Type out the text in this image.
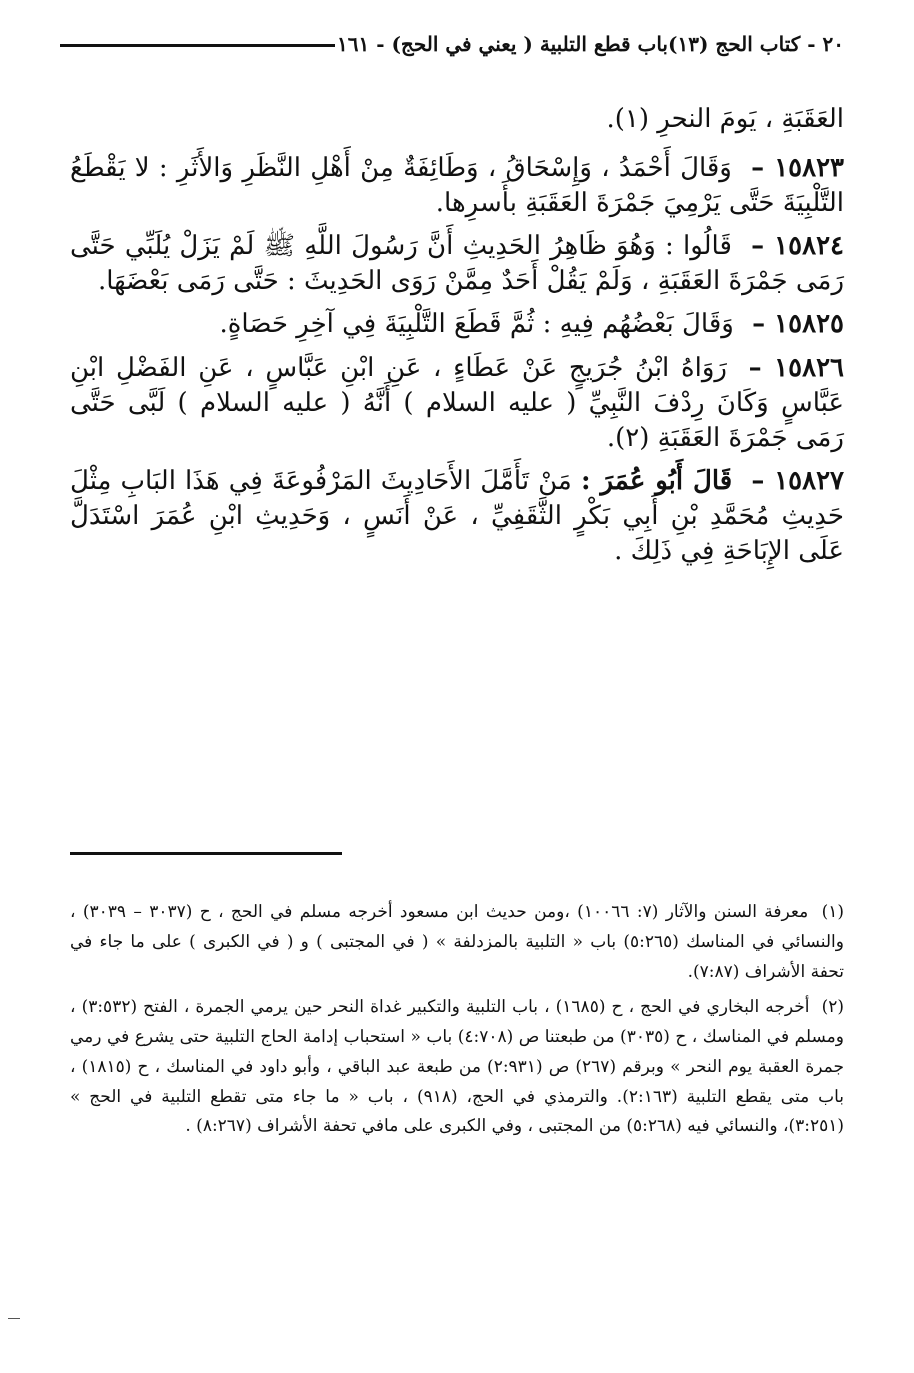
٢٠ - كتاب الحج (١٣)باب قطع التلبية ( يعني في الحج) - ١٦١

العَقَبَةِ ، يَومَ النحرِ (١).

١٥٨٢٣ – وَقَالَ أَحْمَدُ ، وَإِسْحَاقُ ، وَطَائِفَةٌ مِنْ أَهْلِ النَّظَرِ وَالأَثَرِ : لا يَقْطَعُ التَّلْبِيَةَ حَتَّى يَرْمِيَ جَمْرَةَ العَقَبَةِ بأَسرِها.

١٥٨٢٤ – قَالُوا : وَهُوَ ظَاهِرُ الحَدِيثِ أَنَّ رَسُولَ اللَّهِ ﷺ لَمْ يَزَلْ يُلَبِّي حَتَّى رَمَى جَمْرَةَ العَقَبَةِ ، وَلَمْ يَقُلْ أَحَدٌ مِمَّنْ رَوَى الحَدِيثَ : حَتَّى رَمَى بَعْضَهَا.

١٥٨٢٥ – وَقَالَ بَعْضُهُم فِيهِ : ثُمَّ قَطَعَ التَّلْبِيَةَ فِي آخِرِ حَصَاةٍ.

١٥٨٢٦ – رَوَاهُ ابْنُ جُرَيجٍ عَنْ عَطَاءٍ ، عَنِ ابْنِ عَبَّاسٍ ، عَنِ الفَضْلِ ابْنِ عَبَّاسٍ وَكَانَ رِدْفَ النَّبِيِّ ( عليه السلام ) أَنَّهُ ( عليه السلام ) لَبَّى حَتَّى رَمَى جَمْرَةَ العَقَبَةِ (٢).

١٥٨٢٧ – قَالَ أَبُو عُمَرَ : مَنْ تَأَمَّلَ الأَحَادِيثَ المَرْفُوعَةَ فِي هَذَا البَابِ مِثْلَ حَدِيثِ مُحَمَّدِ بْنِ أَبِي بَكْرٍ الثَّقَفِيِّ ، عَنْ أَنَسٍ ، وَحَدِيثِ ابْنِ عُمَرَ اسْتَدَلَّ عَلَى الإِبَاحَةِ فِي ذَلِكَ .

(١) معرفة السنن والآثار (٧: ١٠٠٦٦) ،ومن حديث ابن مسعود أخرجه مسلم في الحج ، ح (٣٠٣٧ – ٣٠٣٩) ، والنسائي في المناسك (٥:٢٦٥) باب « التلبية بالمزدلفة » ( في المجتبى ) و ( في الكبرى ) على ما جاء في تحفة الأشراف (٧:٨٧).

(٢) أخرجه البخاري في الحج ، ح (١٦٨٥) ، باب التلبية والتكبير غداة النحر حين يرمي الجمرة ، الفتح (٣:٥٣٢) ، ومسلم في المناسك ، ح (٣٠٣٥) من طبعتنا ص (٤:٧٠٨) باب « استحباب إدامة الحاج التلبية حتى يشرع في رمي جمرة العقبة يوم النحر » وبرقم (٢٦٧) ص (٢:٩٣١) من طبعة عبد الباقي ، وأبو داود في المناسك ، ح (١٨١٥) ، باب متى يقطع التلبية (٢:١٦٣). والترمذي في الحج، (٩١٨) ، باب « ما جاء متى تقطع التلبية في الحج » (٣:٢٥١)، والنسائي فيه (٥:٢٦٨) من المجتبى ، وفي الكبرى على مافي تحفة الأشراف (٨:٢٦٧) .
